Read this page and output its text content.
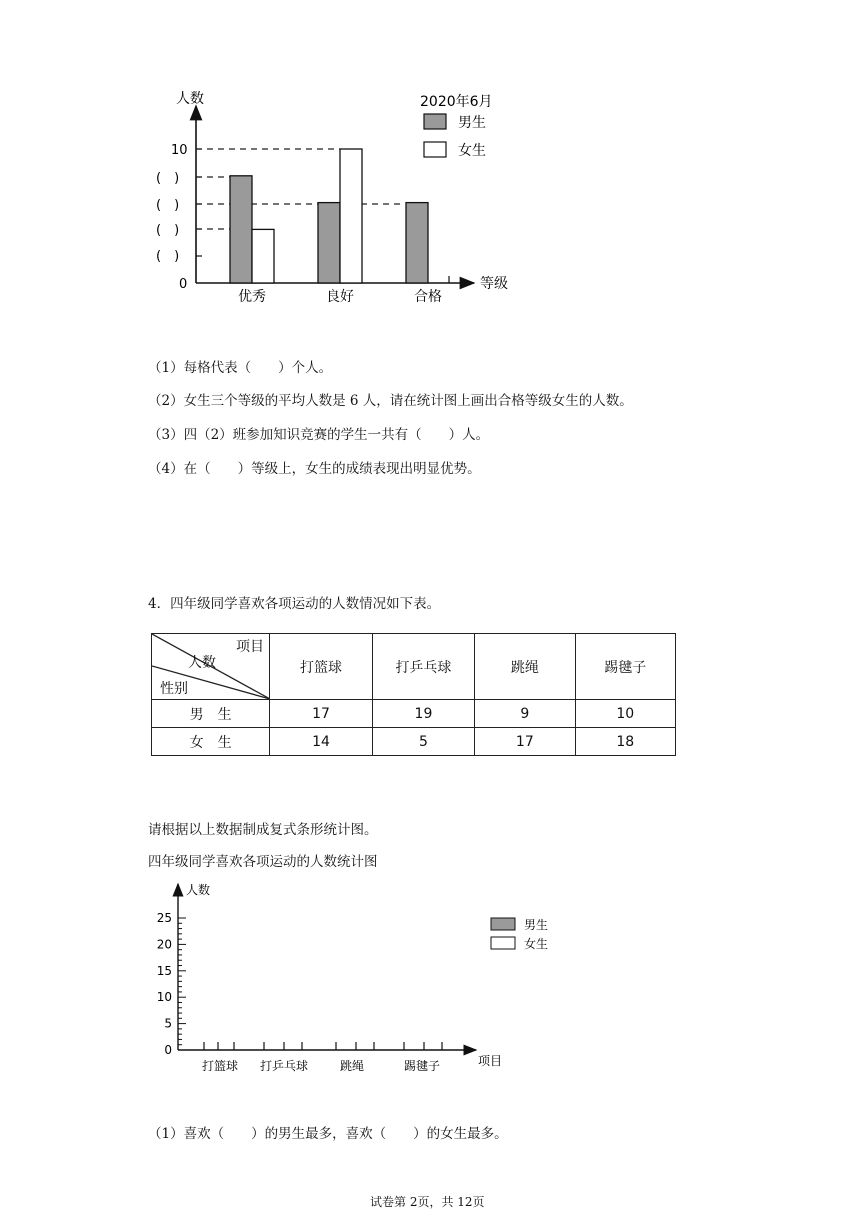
人数
10
0
(　)
(　)
(　)
(　)
优秀	良好	合格
等级
2020年6月
男生
女生
（1）每格代表（　　）个人。
（2）女生三个等级的平均人数是 6 人，请在统计图上画出合格等级女生的人数。
（3）四（2）班参加知识竞赛的学生一共有（　　）人。
（4）在（　　）等级上，女生的成绩表现出明显优势。
4．四年级同学喜欢各项运动的人数情况如下表。
项目
人数
性别	打篮球	打乒乓球	跳绳	踢毽子
男　生	17	19	9	10
女　生	14	5	17	18
请根据以上数据制成复式条形统计图。
四年级同学喜欢各项运动的人数统计图
人数
0
5
10
15
20
25
打篮球 打乒乓球	跳绳	踢毽子	项目
男生
女生
（1）喜欢（　　）的男生最多，喜欢（　　）的女生最多。
试卷第 2页，共 12页
